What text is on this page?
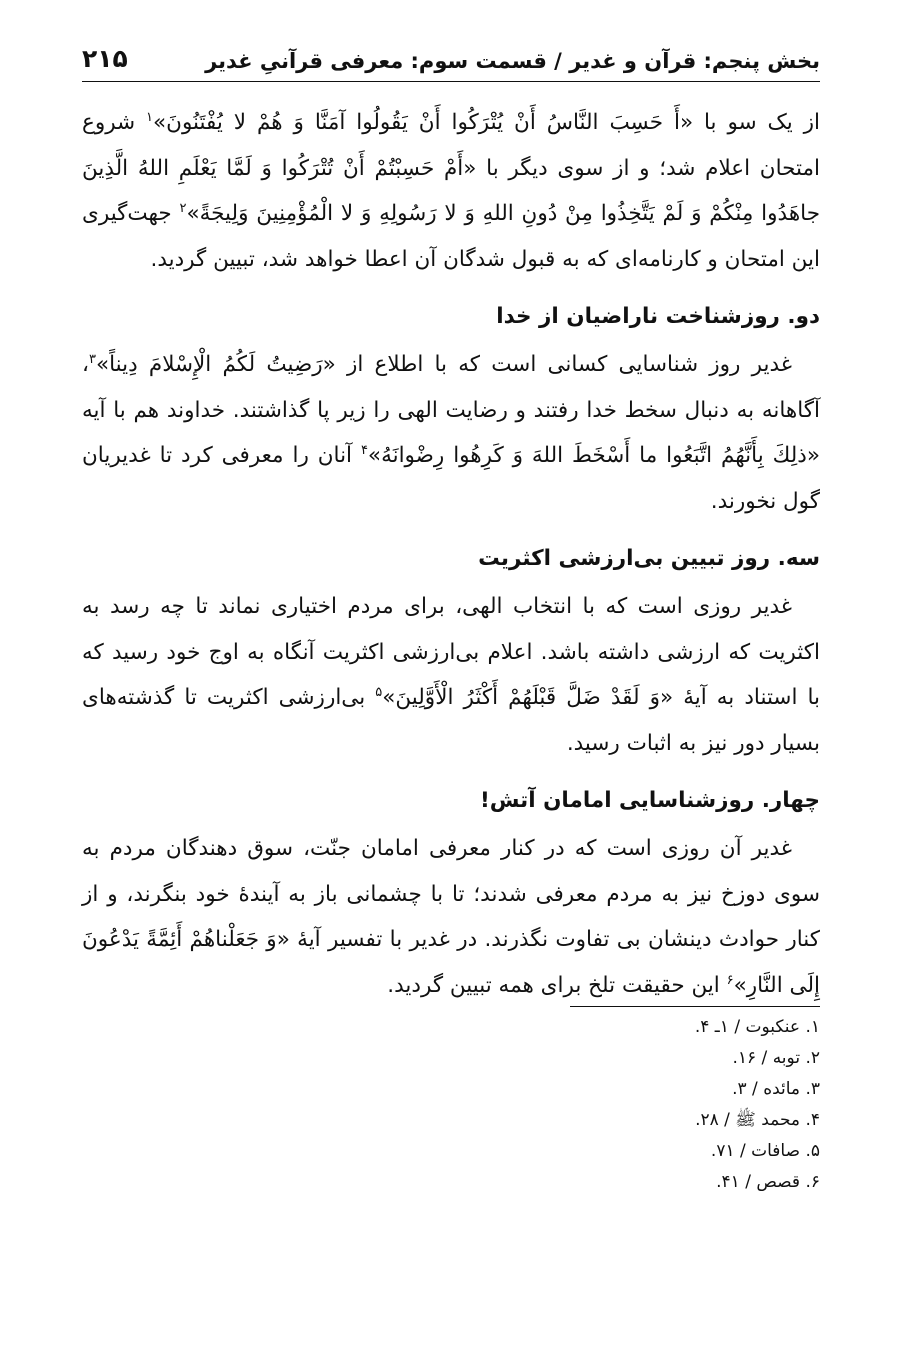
بخش پنجم: قرآن و غدیر / قسمت سوم: معرفی قرآنیِ غدیر
۲۱۵

از یک سو با «أَ حَسِبَ النَّاسُ أَنْ يُتْرَكُوا أَنْ يَقُولُوا آمَنَّا وَ هُمْ لا يُفْتَنُونَ»$^۱$ شروع امتحان اعلام شد؛ و از سوی دیگر با «أَمْ حَسِبْتُمْ أَنْ تُتْرَكُوا وَ لَمَّا يَعْلَمِ اللهُ الَّذِينَ جاهَدُوا مِنْكُمْ وَ لَمْ يَتَّخِذُوا مِنْ دُونِ اللهِ وَ لا رَسُولِهِ وَ لا الْمُؤْمِنِينَ وَلِيجَةً»$^۲$ جهت‌گیری این امتحان و کارنامه‌ای که به قبول شدگان آن اعطا خواهد شد، تبیین گردید.

دو. روزشناخت ناراضیان از خدا

غدیر روز شناسایی کسانی است که با اطلاع از «رَضِيتُ لَكُمُ الْإِسْلامَ دِيناً»$^۳$، آگاهانه به دنبال سخط خدا رفتند و رضایت الهی را زیر پا گذاشتند. خداوند هم با آیه «ذلِكَ بِأَنَّهُمُ اتَّبَعُوا ما أَسْخَطَ اللهَ وَ كَرِهُوا رِضْوانَهُ»$^۴$ آنان را معرفی کرد تا غدیریان گول نخورند.

سه. روز تبیین بی‌ارزشی اکثریت

غدیر روزی است که با انتخاب الهی، برای مردم اختیاری نماند تا چه رسد به اکثریت که ارزشی داشته باشد. اعلام بی‌ارزشی اکثریت آنگاه به اوج خود رسید که با استناد به آیهٔ «وَ لَقَدْ ضَلَّ قَبْلَهُمْ أَكْثَرُ الْأَوَّلِينَ»$^۵$ بی‌ارزشی اکثریت تا گذشته‌های بسیار دور نیز به اثبات رسید.

چهار. روزشناسایی امامان آتش!

غدیر آن روزی است که در کنار معرفی امامان جنّت، سوق دهندگان مردم به سوی دوزخ نیز به مردم معرفی شدند؛ تا با چشمانی باز به آیندهٔ خود بنگرند، و از کنار حوادث دینشان بی تفاوت نگذرند. در غدیر با تفسیر آیهٔ «وَ جَعَلْناهُمْ أَئِمَّةً يَدْعُونَ إِلَى النَّارِ»$^۶$ این حقیقت تلخ برای همه تبیین گردید.

۱. عنکبوت / ۱ـ ۴.
۲. توبه / ۱۶.
۳. مائده / ۳.
۴. محمد ﷺ / ۲۸.
۵. صافات / ۷۱.
۶. قصص / ۴۱.
